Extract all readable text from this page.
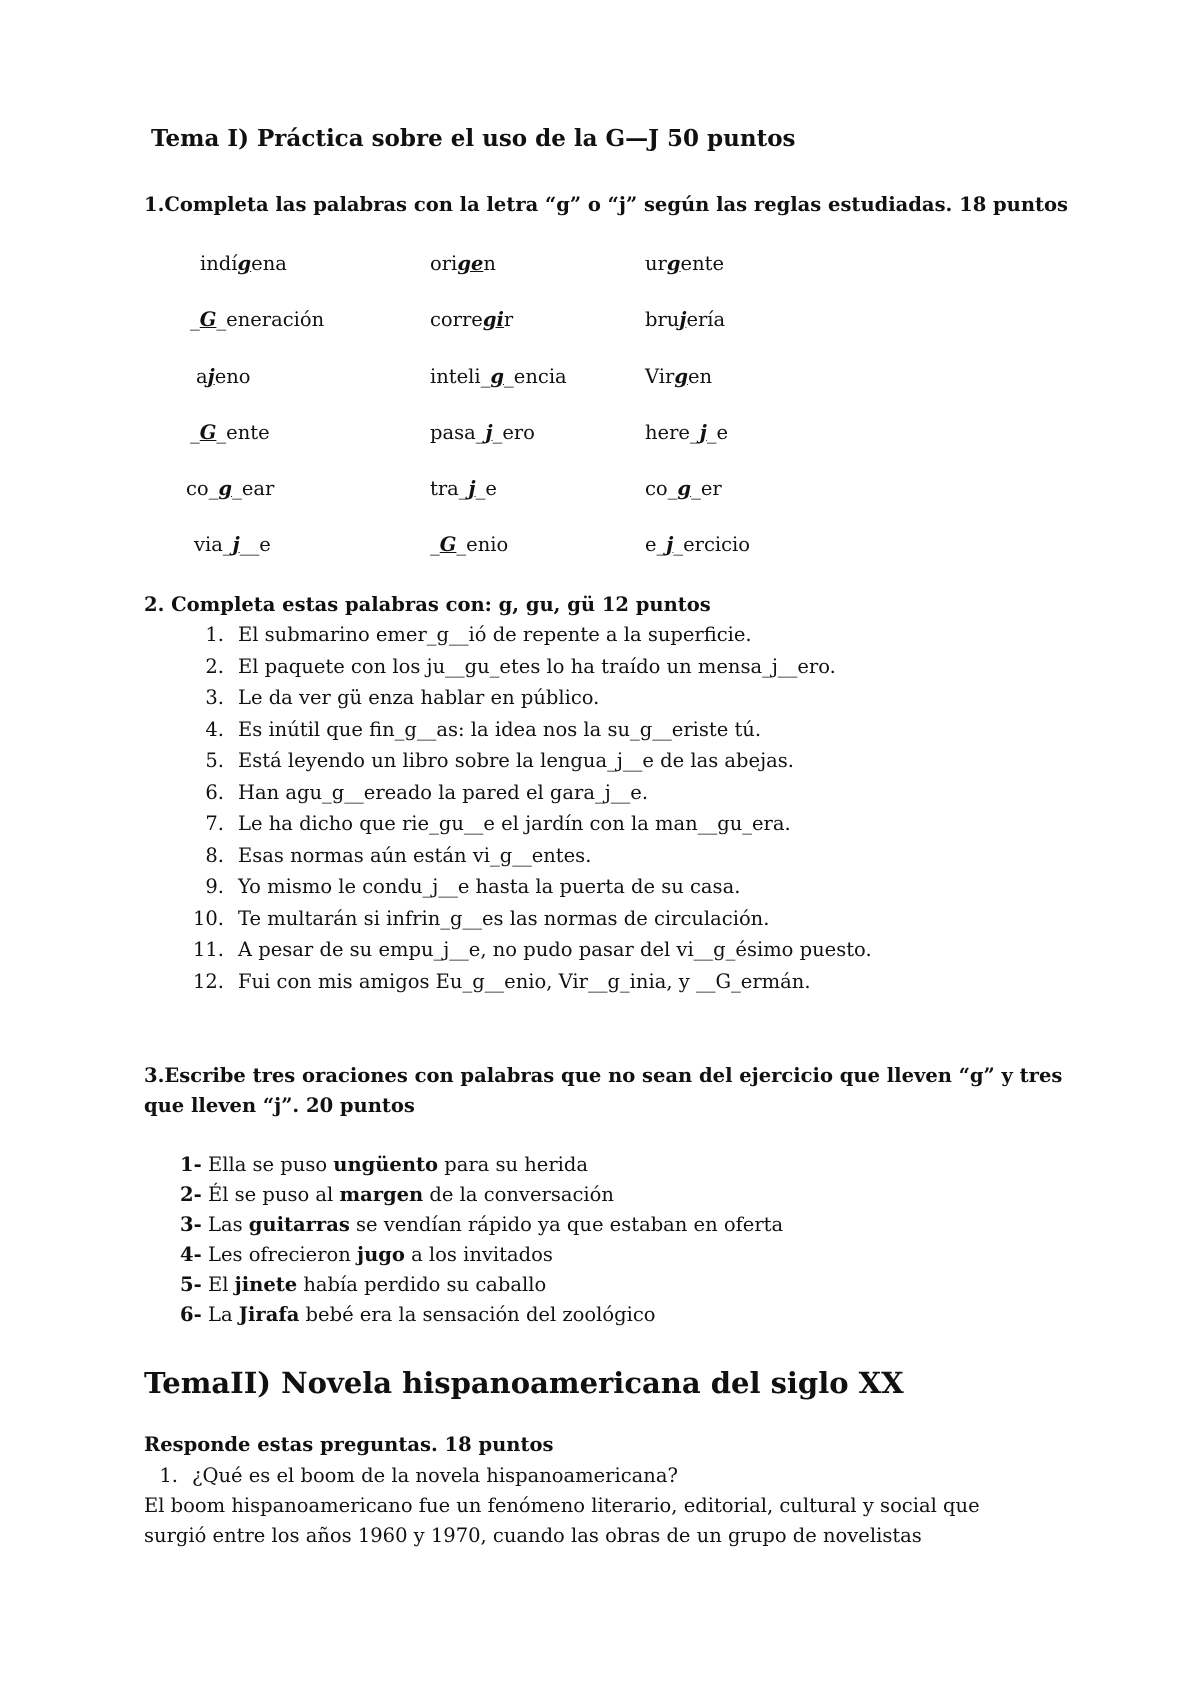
Tema I) Práctica sobre el uso de la G—J 50 puntos
1.Completa las palabras con la letra “g” o “j” según las reglas estudiadas. 18 puntos
indígena	origen	urgente
_G_eneración	corregir	brujería
ajeno	inteli_g_encia	Virgen
_G_ente	pasa_j_ero	here_j_e
co_g_ear	tra_j_e	co_g_er
via_j__e	_G_enio	e_j_ercicio
2. Completa estas palabras con: g, gu, gü 12 puntos
1. El submarino emer_g__ió de repente a la superficie.
2. El paquete con los ju__gu_etes lo ha traído un mensa_j__ero.
3. Le da ver gü enza hablar en público.
4. Es inútil que fin_g__as: la idea nos la su_g__eriste tú.
5. Está leyendo un libro sobre la lengua_j__e de las abejas.
6. Han agu_g__ereado la pared el gara_j__e.
7. Le ha dicho que rie_gu__e el jardín con la man__gu_era.
8. Esas normas aún están vi_g__entes.
9. Yo mismo le condu_j__e hasta la puerta de su casa.
10. Te multarán si infrin_g__es las normas de circulación.
11. A pesar de su empu_j__e, no pudo pasar del vi__g_ésimo puesto.
12. Fui con mis amigos Eu_g__enio, Vir__g_inia, y __G_ermán.
3.Escribe tres oraciones con palabras que no sean del ejercicio que lleven “g” y tres
que lleven “j”. 20 puntos
1- Ella se puso ungüento para su herida
2- Él se puso al margen de la conversación
3- Las guitarras se vendían rápido ya que estaban en oferta
4- Les ofrecieron jugo a los invitados
5- El jinete había perdido su caballo
6- La Jirafa bebé era la sensación del zoológico
TemaII) Novela hispanoamericana del siglo XX
Responde estas preguntas. 18 puntos
1. ¿Qué es el boom de la novela hispanoamericana?
El boom hispanoamericano fue un fenómeno literario, editorial, cultural y social que
surgió entre los años 1960 y 1970, cuando las obras de un grupo de novelistas
